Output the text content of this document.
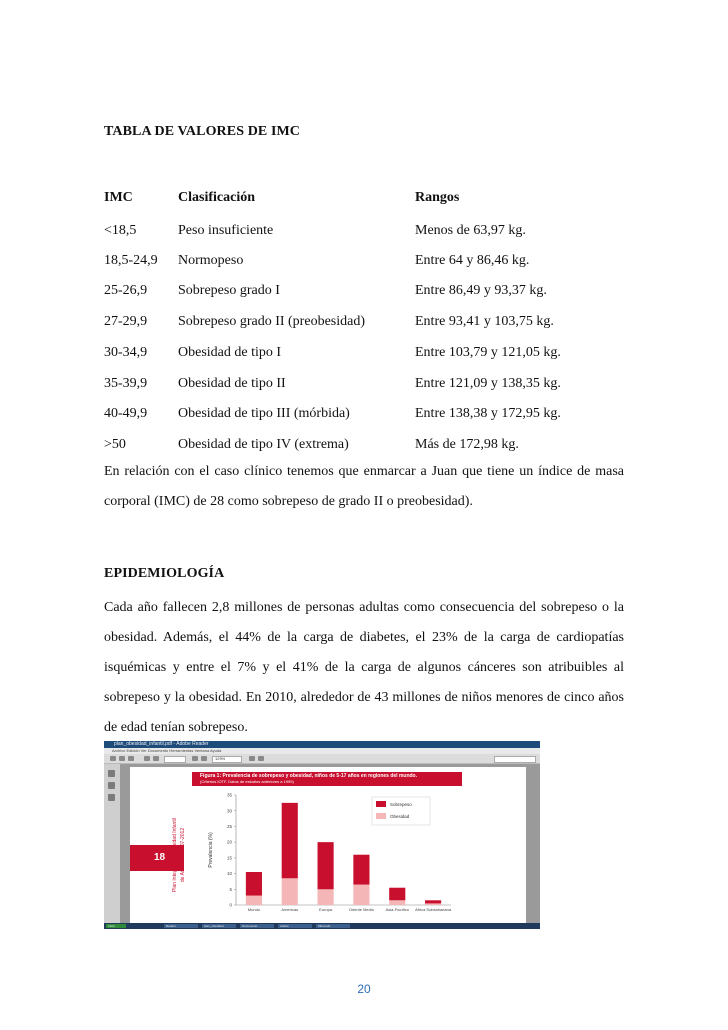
TABLA DE VALORES DE IMC
IMC	Clasificación	Rangos
<18,5	Peso insuficiente	Menos de 63,97 kg.
18,5-24,9 Normopeso	Entre 64 y 86,46 kg.
25-26,9 Sobrepeso grado I	Entre 86,49 y 93,37 kg.
27-29,9 Sobrepeso grado II (preobesidad)	Entre 93,41 y 103,75 kg.
30-34,9 Obesidad de tipo I	Entre 103,79 y 121,05 kg.
35-39,9 Obesidad de tipo II	Entre 121,09 y 138,35 kg.
40-49,9 Obesidad de tipo III (mórbida)	Entre 138,38 y 172,95 kg.
>50	Obesidad de tipo IV (extrema)	Más de 172,98 kg.
En relación con el caso clínico tenemos que enmarcar a Juan que tiene un índice de masa corporal (IMC) de 28 como sobrepeso de grado II o preobesidad).
EPIDEMIOLOGÍA
Cada año fallecen 2,8 millones de personas adultas como consecuencia del sobrepeso o la obesidad. Además, el 44% de la carga de diabetes, el 23% de la carga de cardiopatías isquémicas y entre el 7% y el 41% de la carga de algunos cánceres son atribuibles al sobrepeso y la obesidad. En 2010, alrededor de 43 millones de niños menores de cinco años de edad tenían sobrepeso.
plan_obesidad_infantil.pdf - Adobe Reader
Archivo Edición Ver Documento Herramientas Ventana Ayuda
129%
18 Plan Integral de Obesidad Infantil de Andalucía 2007-2012
Figura 1: Prevalencia de sobrepeso y obesidad, niños de 5-17 años en regiones del mundo.
(Criterios IOTF. Datos de estudios anteriores a 1999)
Prevalencia (%)
0
5
10
15
20
25
30
35
Mundo	Americas	Europa	Oriente Medio	Asia-Pacífico Africa Subsahariana
Sobrepeso
Obesidad
Inicio	Reader	plan_obesidad	Documento	Adobe	Microsoft
20
